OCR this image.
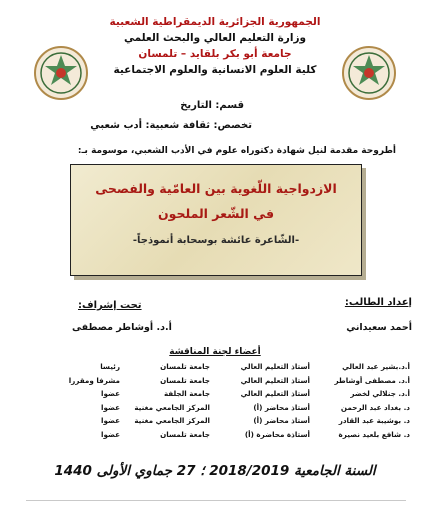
الجمهورية الجزائرية الديمقراطية الشعبية
وزارة التعليم العالي والبحث العلمي
جامعة أبو بكر بلقايد – تلمسان
كلية العلوم الانسانية والعلوم الاجتماعية
قسم: التاريخ
تخصص: ثقافة شعبية: أدب شعبي
أطروحة مقدمة لنيل شهادة دكتوراه علوم في الأدب الشعبي، موسومة بـ:
الازدواجية اللّغوية بين العامّية والفصحى
في الشّعر الملحون
-الشّاعرة عائشة بوسحابة أنموذجاً-
إعداد الطالب:
أحمد سعيداني
تحت إشراف:
أ.د. أوشاطر مصطفى
أعضاء لجنة المناقشة
أ.د.بشير عبد العالي
أستاذ التعليم العالي
جامعة تلمسان
رئيسا
أ.د. مصطفى أوشاطر
أستاذ التعليم العالي
جامعة تلمسان
مشرفا ومقررا
أ.د. جنلالي لخضر
أستاذ التعليم العالي
جامعة الجلفة
عضوا
د. بغداد عبد الرحمن
أستاذ محاضر (أ)
المركز الجامعي مغنية
عضوا
د. بوشيبة عبد القادر
أستاذ محاضر (أ)
المركز الجامعي مغنية
عضوا
د. شافع بلعيد نصيرة
أستاذة محاضرة (أ)
جامعة تلمسان
عضوا
السنة الجامعية 2018/2019 ؛ 27 جماوي الأولى 1440
